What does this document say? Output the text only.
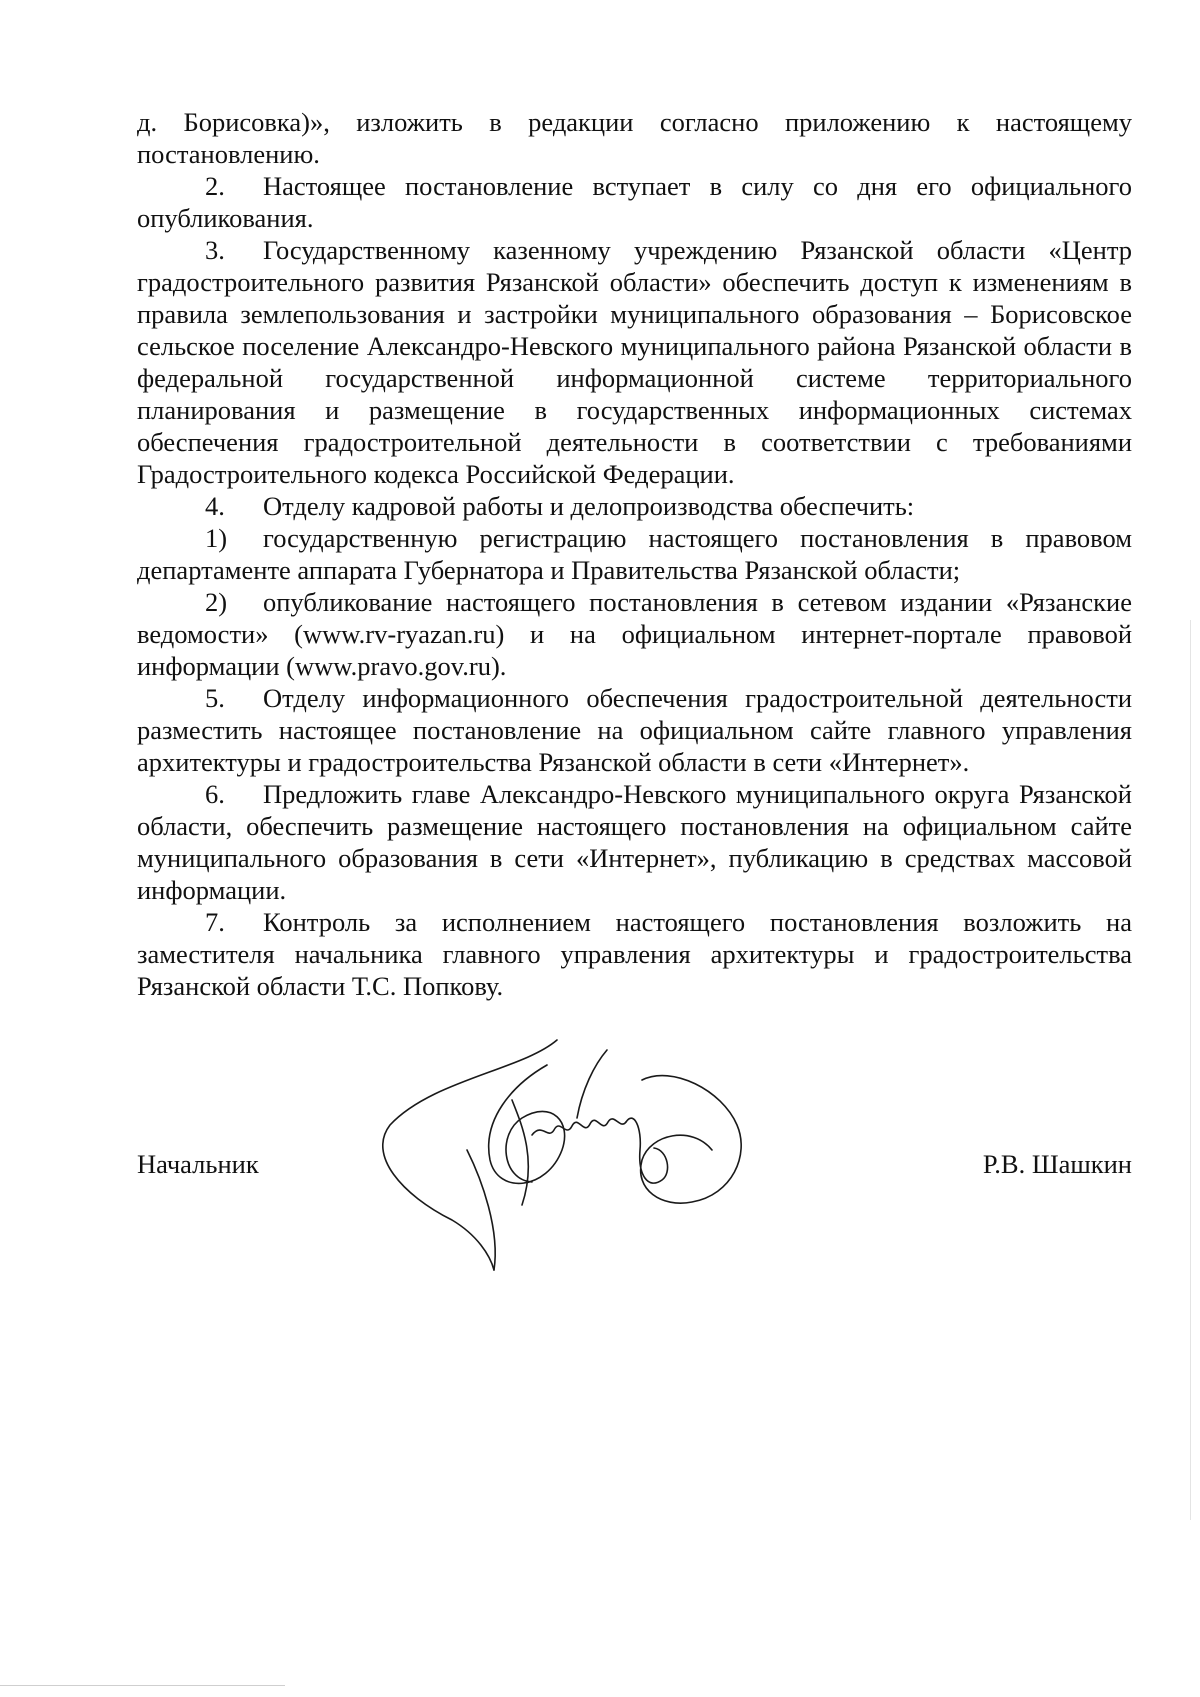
д. Борисовка)», изложить в редакции согласно приложению к настоящему постановлению.

2. Настоящее постановление вступает в силу со дня его официального опубликования.

3. Государственному казенному учреждению Рязанской области «Центр градостроительного развития Рязанской области» обеспечить доступ к изменениям в правила землепользования и застройки муниципального образования – Борисовское сельское поселение Александро-Невского муниципального района Рязанской области в федеральной государственной информационной системе территориального планирования и размещение в государственных информационных системах обеспечения градостроительной деятельности в соответствии с требованиями Градостроительного кодекса Российской Федерации.

4. Отделу кадровой работы и делопроизводства обеспечить:

1) государственную регистрацию настоящего постановления в правовом департаменте аппарата Губернатора и Правительства Рязанской области;

2) опубликование настоящего постановления в сетевом издании «Рязанские ведомости» (www.rv-ryazan.ru) и на официальном интернет-портале правовой информации (www.pravo.gov.ru).

5. Отделу информационного обеспечения градостроительной деятельности разместить настоящее постановление на официальном сайте главного управления архитектуры и градостроительства Рязанской области в сети «Интернет».

6. Предложить главе Александро-Невского муниципального округа Рязанской области, обеспечить размещение настоящего постановления на официальном сайте муниципального образования в сети «Интернет», публикацию в средствах массовой информации.

7. Контроль за исполнением настоящего постановления возложить на заместителя начальника главного управления архитектуры и градостроительства Рязанской области Т.С. Попкову.

Начальник	Р.В. Шашкин
